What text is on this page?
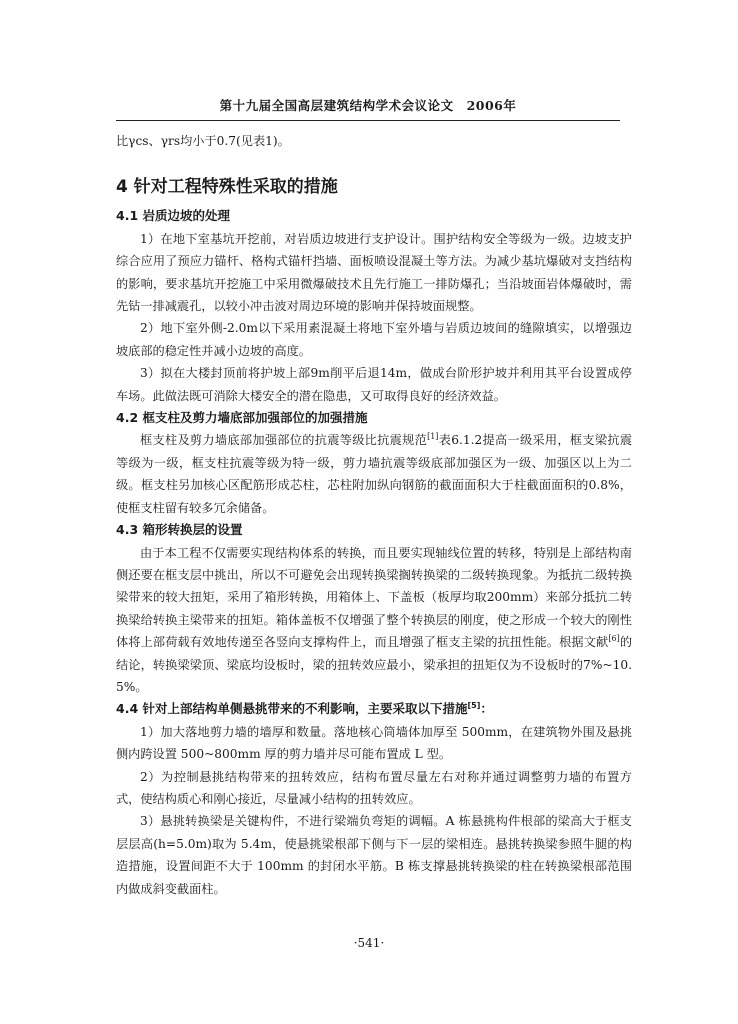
第十九届全国高层建筑结构学术会议论文　2006年

比γcs、γrs均小于0.7(见表1)。

4 针对工程特殊性采取的措施
4.1 岩质边坡的处理

1）在地下室基坑开挖前，对岩质边坡进行支护设计。围护结构安全等级为一级。边坡支护综合应用了预应力锚杆、格构式锚杆挡墙、面板喷设混凝土等方法。为减少基坑爆破对支挡结构的影响，要求基坑开挖施工中采用微爆破技术且先行施工一排防爆孔；当沿坡面岩体爆破时，需先钻一排减震孔，以较小冲击波对周边环境的影响并保持坡面规整。

2）地下室外侧-2.0m以下采用素混凝土将地下室外墙与岩质边坡间的缝隙填实，以增强边坡底部的稳定性并减小边坡的高度。

3）拟在大楼封顶前将护坡上部9m削平后退14m，做成台阶形护坡并利用其平台设置成停车场。此做法既可消除大楼安全的潜在隐患，又可取得良好的经济效益。

4.2 框支柱及剪力墙底部加强部位的加强措施

框支柱及剪力墙底部加强部位的抗震等级比抗震规范[1]表6.1.2提高一级采用，框支梁抗震等级为一级，框支柱抗震等级为特一级，剪力墙抗震等级底部加强区为一级、加强区以上为二级。框支柱另加核心区配筋形成芯柱，芯柱附加纵向钢筋的截面面积大于柱截面面积的0.8%，使框支柱留有较多冗余储备。

4.3 箱形转换层的设置

由于本工程不仅需要实现结构体系的转换，而且要实现轴线位置的转移，特别是上部结构南侧还要在框支层中挑出，所以不可避免会出现转换梁搁转换梁的二级转换现象。为抵抗二级转换梁带来的较大扭矩，采用了箱形转换，用箱体上、下盖板（板厚均取200mm）来部分抵抗二转换梁给转换主梁带来的扭矩。箱体盖板不仅增强了整个转换层的刚度，使之形成一个较大的刚性体将上部荷载有效地传递至各竖向支撑构件上，而且增强了框支主梁的抗扭性能。根据文献[6]的结论，转换梁梁顶、梁底均设板时，梁的扭转效应最小，梁承担的扭矩仅为不设板时的7%~10.5%。

4.4 针对上部结构单侧悬挑带来的不利影响，主要采取以下措施[5]：

1）加大落地剪力墙的墙厚和数量。落地核心筒墙体加厚至 500mm，在建筑物外围及悬挑侧内跨设置 500~800mm 厚的剪力墙并尽可能布置成 L 型。

2）为控制悬挑结构带来的扭转效应，结构布置尽量左右对称并通过调整剪力墙的布置方式，使结构质心和刚心接近，尽量减小结构的扭转效应。

3）悬挑转换梁是关键构件，不进行梁端负弯矩的调幅。A 栋悬挑构件根部的梁高大于框支层层高(h=5.0m)取为 5.4m，使悬挑梁根部下侧与下一层的梁相连。悬挑转换梁参照牛腿的构造措施，设置间距不大于 100mm 的封闭水平筋。B 栋支撑悬挑转换梁的柱在转换梁根部范围内做成斜变截面柱。

·541·
